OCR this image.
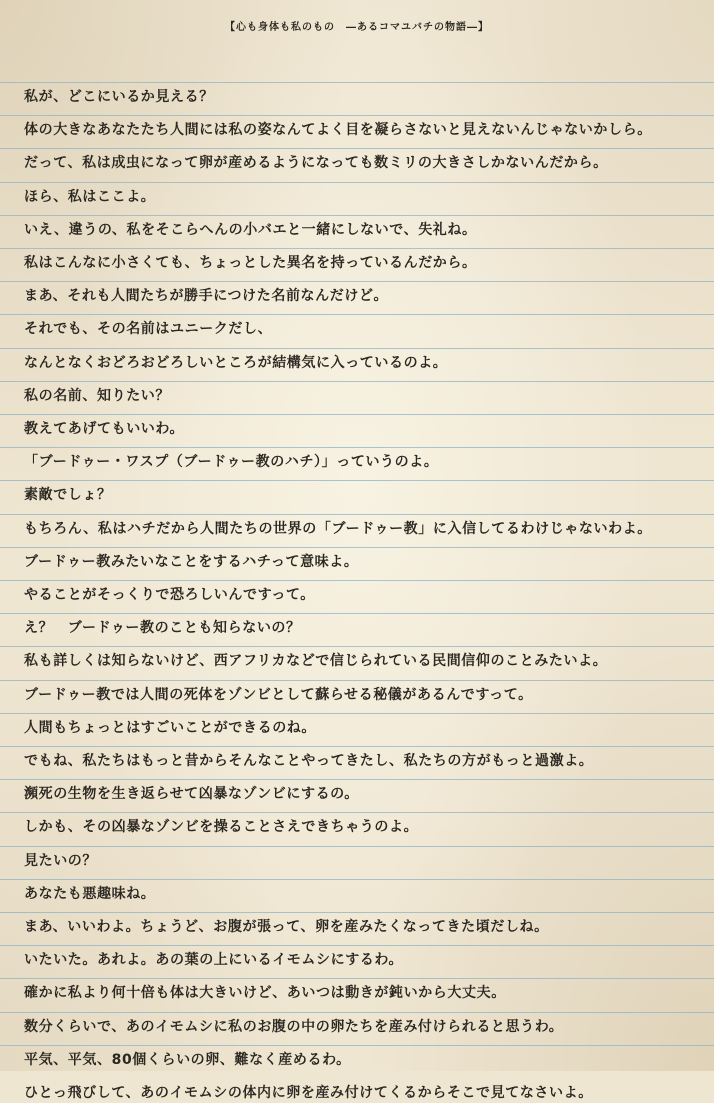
【心も身体も私のもの　―あるコマユバチの物語―】
私が、どこにいるか見える？
体の大きなあなたたち人間には私の姿なんてよく目を凝らさないと見えないんじゃないかしら。
だって、私は成虫になって卵が産めるようになっても数ミリの大きさしかないんだから。
ほら、私はここよ。
いえ、違うの、私をそこらへんの小バエと一緒にしないで、失礼ね。
私はこんなに小さくても、ちょっとした異名を持っているんだから。
まあ、それも人間たちが勝手につけた名前なんだけど。
それでも、その名前はユニークだし、
なんとなくおどろおどろしいところが結構気に入っているのよ。
私の名前、知りたい？
教えてあげてもいいわ。
「ブードゥー・ワスプ（ブードゥー教のハチ）」っていうのよ。
素敵でしょ？
もちろん、私はハチだから人間たちの世界の「ブードゥー教」に入信してるわけじゃないわよ。
ブードゥー教みたいなことをするハチって意味よ。
やることがそっくりで恐ろしいんですって。
え？　ブードゥー教のことも知らないの？
私も詳しくは知らないけど、西アフリカなどで信じられている民間信仰のことみたいよ。
ブードゥー教では人間の死体をゾンビとして蘇らせる秘儀があるんですって。
人間もちょっとはすごいことができるのね。
でもね、私たちはもっと昔からそんなことやってきたし、私たちの方がもっと過激よ。
瀕死の生物を生き返らせて凶暴なゾンビにするの。
しかも、その凶暴なゾンビを操ることさえできちゃうのよ。
見たいの？
あなたも悪趣味ね。
まあ、いいわよ。ちょうど、お腹が張って、卵を産みたくなってきた頃だしね。
いたいた。あれよ。あの葉の上にいるイモムシにするわ。
確かに私より何十倍も体は大きいけど、あいつは動きが鈍いから大丈夫。
数分くらいで、あのイモムシに私のお腹の中の卵たちを産み付けられると思うわ。
平気、平気、80個くらいの卵、難なく産めるわ。
ひとっ飛びして、あのイモムシの体内に卵を産み付けてくるからそこで見てなさいよ。
